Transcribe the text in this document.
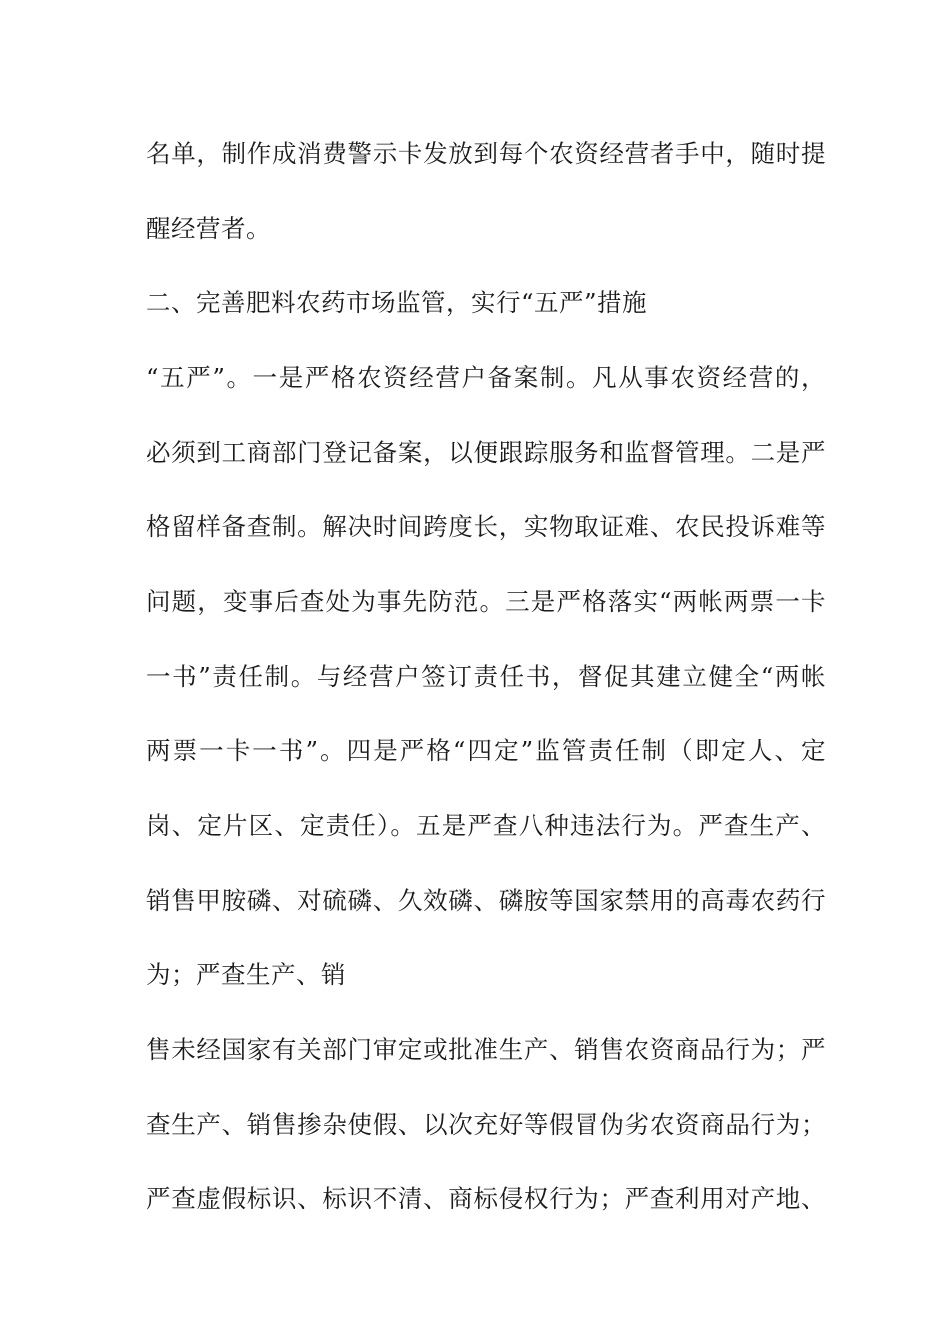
名单，制作成消费警示卡发放到每个农资经营者手中，随时提
醒经营者。
二、完善肥料农药市场监管，实行“五严”措施
“五严”。一是严格农资经营户备案制。凡从事农资经营的，
必须到工商部门登记备案，以便跟踪服务和监督管理。二是严
格留样备查制。解决时间跨度长，实物取证难、农民投诉难等
问题，变事后查处为事先防范。三是严格落实“两帐两票一卡
一书”责任制。与经营户签订责任书，督促其建立健全“两帐
两票一卡一书”。四是严格“四定”监管责任制（即定人、定
岗、定片区、定责任）。五是严查八种违法行为。严查生产、
销售甲胺磷、对硫磷、久效磷、磷胺等国家禁用的高毒农药行
为；严查生产、销
售未经国家有关部门审定或批准生产、销售农资商品行为；严
查生产、销售掺杂使假、以次充好等假冒伪劣农资商品行为；
严查虚假标识、标识不清、商标侵权行为；严查利用对产地、
